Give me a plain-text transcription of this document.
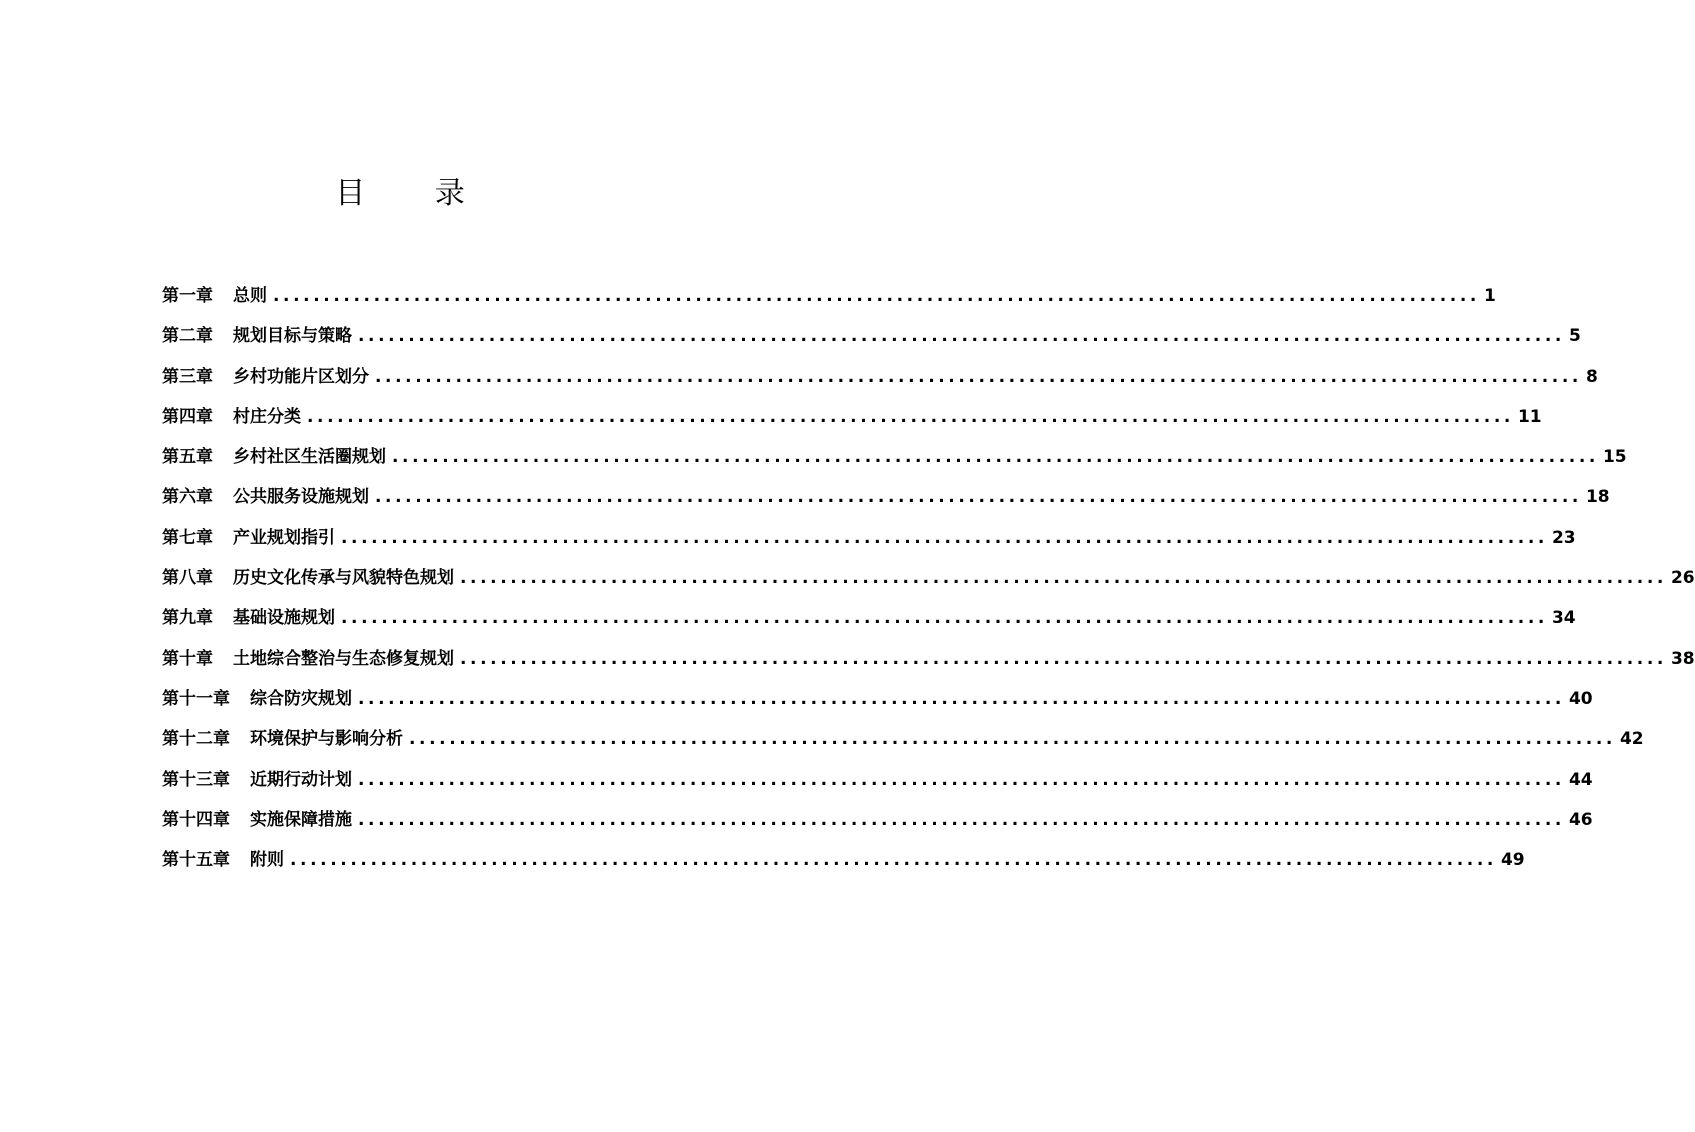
目 录
第一章 总则 ........................................................................................................................ 1
第二章 规划目标与策略 ........................................................................................................................ 5
第三章 乡村功能片区划分 ........................................................................................................................ 8
第四章 村庄分类 ........................................................................................................................ 11
第五章 乡村社区生活圈规划 ........................................................................................................................ 15
第六章 公共服务设施规划 ........................................................................................................................ 18
第七章 产业规划指引 ........................................................................................................................ 23
第八章 历史文化传承与风貌特色规划 ........................................................................................................................ 26
第九章 基础设施规划 ........................................................................................................................ 34
第十章 土地综合整治与生态修复规划 ........................................................................................................................ 38
第十一章 综合防灾规划 ........................................................................................................................ 40
第十二章 环境保护与影响分析 ........................................................................................................................ 42
第十三章 近期行动计划 ........................................................................................................................ 44
第十四章 实施保障措施 ........................................................................................................................ 46
第十五章 附则 ........................................................................................................................ 49
